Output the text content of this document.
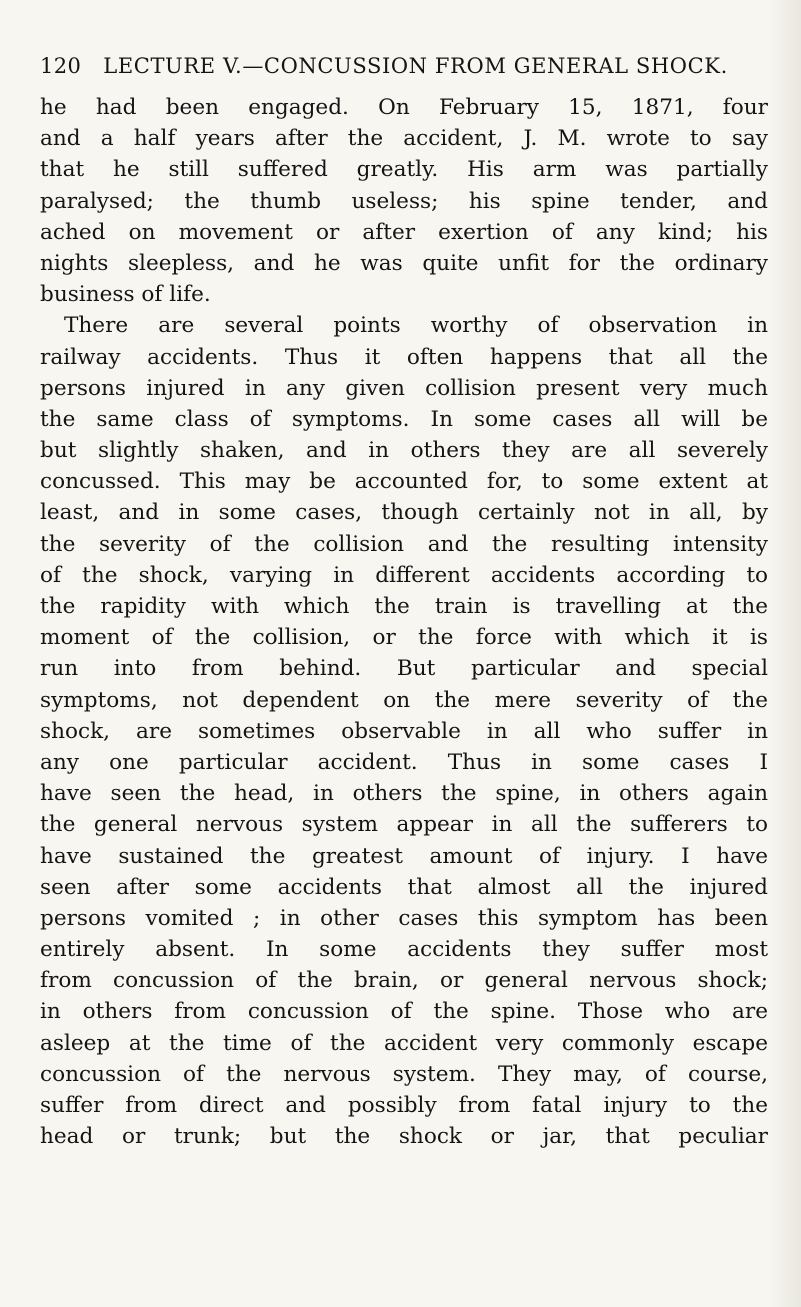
120 LECTURE V.—CONCUSSION FROM GENERAL SHOCK.
he had been engaged. On February 15, 1871, four
and a half years after the accident, J. M. wrote to say
that he still suffered greatly. His arm was partially
paralysed; the thumb useless; his spine tender, and
ached on movement or after exertion of any kind; his
nights sleepless, and he was quite unfit for the ordinary
business of life.
There are several points worthy of observation in
railway accidents. Thus it often happens that all the
persons injured in any given collision present very much
the same class of symptoms. In some cases all will be
but slightly shaken, and in others they are all severely
concussed. This may be accounted for, to some extent at
least, and in some cases, though certainly not in all, by
the severity of the collision and the resulting intensity
of the shock, varying in different accidents according to
the rapidity with which the train is travelling at the
moment of the collision, or the force with which it is
run into from behind. But particular and special
symptoms, not dependent on the mere severity of the
shock, are sometimes observable in all who suffer in
any one particular accident. Thus in some cases I
have seen the head, in others the spine, in others again
the general nervous system appear in all the sufferers to
have sustained the greatest amount of injury. I have
seen after some accidents that almost all the injured
persons vomited ; in other cases this symptom has been
entirely absent. In some accidents they suffer most
from concussion of the brain, or general nervous shock;
in others from concussion of the spine. Those who are
asleep at the time of the accident very commonly escape
concussion of the nervous system. They may, of course,
suffer from direct and possibly from fatal injury to the
head or trunk; but the shock or jar, that peculiar
